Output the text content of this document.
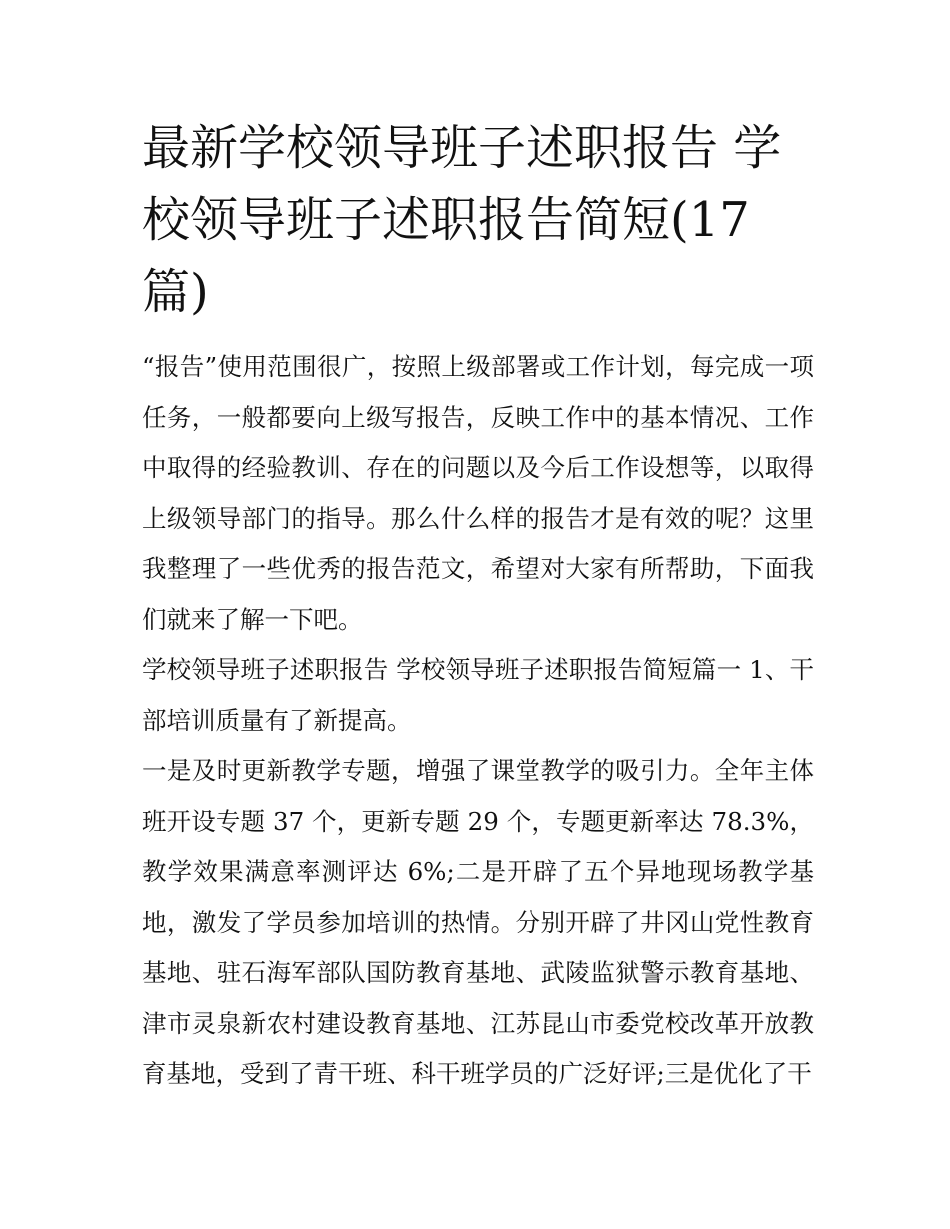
最新学校领导班子述职报告 学校领导班子述职报告简短(17篇)

“报告”使用范围很广，按照上级部署或工作计划，每完成一项任务，一般都要向上级写报告，反映工作中的基本情况、工作中取得的经验教训、存在的问题以及今后工作设想等，以取得上级领导部门的指导。那么什么样的报告才是有效的呢？这里我整理了一些优秀的报告范文，希望对大家有所帮助，下面我们就来了解一下吧。

学校领导班子述职报告 学校领导班子述职报告简短篇一 1、干部培训质量有了新提高。

一是及时更新教学专题，增强了课堂教学的吸引力。全年主体班开设专题 37 个，更新专题 29 个，专题更新率达 78.3%，教学效果满意率测评达 6%;二是开辟了五个异地现场教学基地，激发了学员参加培训的热情。分别开辟了井冈山党性教育基地、驻石海军部队国防教育基地、武陵监狱警示教育基地、津市灵泉新农村建设教育基地、江苏昆山市委党校改革开放教育基地，受到了青干班、科干班学员的广泛好评;三是优化了干
